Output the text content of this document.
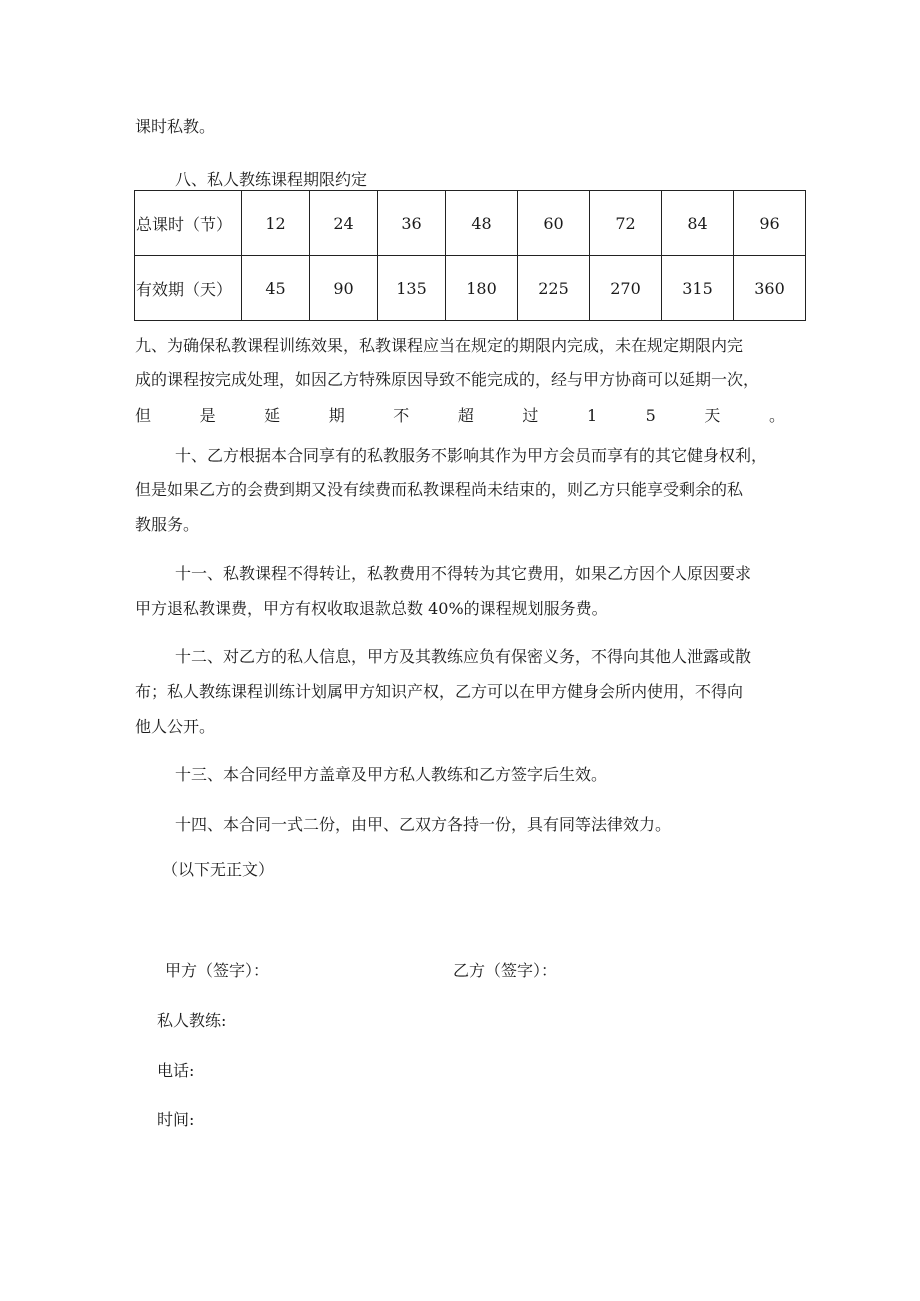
课时私教。
八、私人教练课程期限约定
总课时（节）	12	24	36	48	60	72	84	96
有效期（天）	45	90	135	180	225	270	315	360
九、为确保私教课程训练效果，私教课程应当在规定的期限内完成，未在规定期限内完
成的课程按完成处理，如因乙方特殊原因导致不能完成的，经与甲方协商可以延期一次，
但	是	延	期	不	超	过	1	5	天	。
十、乙方根据本合同享有的私教服务不影响其作为甲方会员而享有的其它健身权利，
但是如果乙方的会费到期又没有续费而私教课程尚未结束的，则乙方只能享受剩余的私
教服务。
十一、私教课程不得转让，私教费用不得转为其它费用，如果乙方因个人原因要求
甲方退私教课费，甲方有权收取退款总数 40%的课程规划服务费。
十二、对乙方的私人信息，甲方及其教练应负有保密义务，不得向其他人泄露或散
布；私人教练课程训练计划属甲方知识产权，乙方可以在甲方健身会所内使用，不得向
他人公开。
十三、本合同经甲方盖章及甲方私人教练和乙方签字后生效。
十四、本合同一式二份，由甲、乙双方各持一份，具有同等法律效力。
（以下无正文）
甲方（签字）：	乙方（签字）：
私人教练:
电话:
时间:
